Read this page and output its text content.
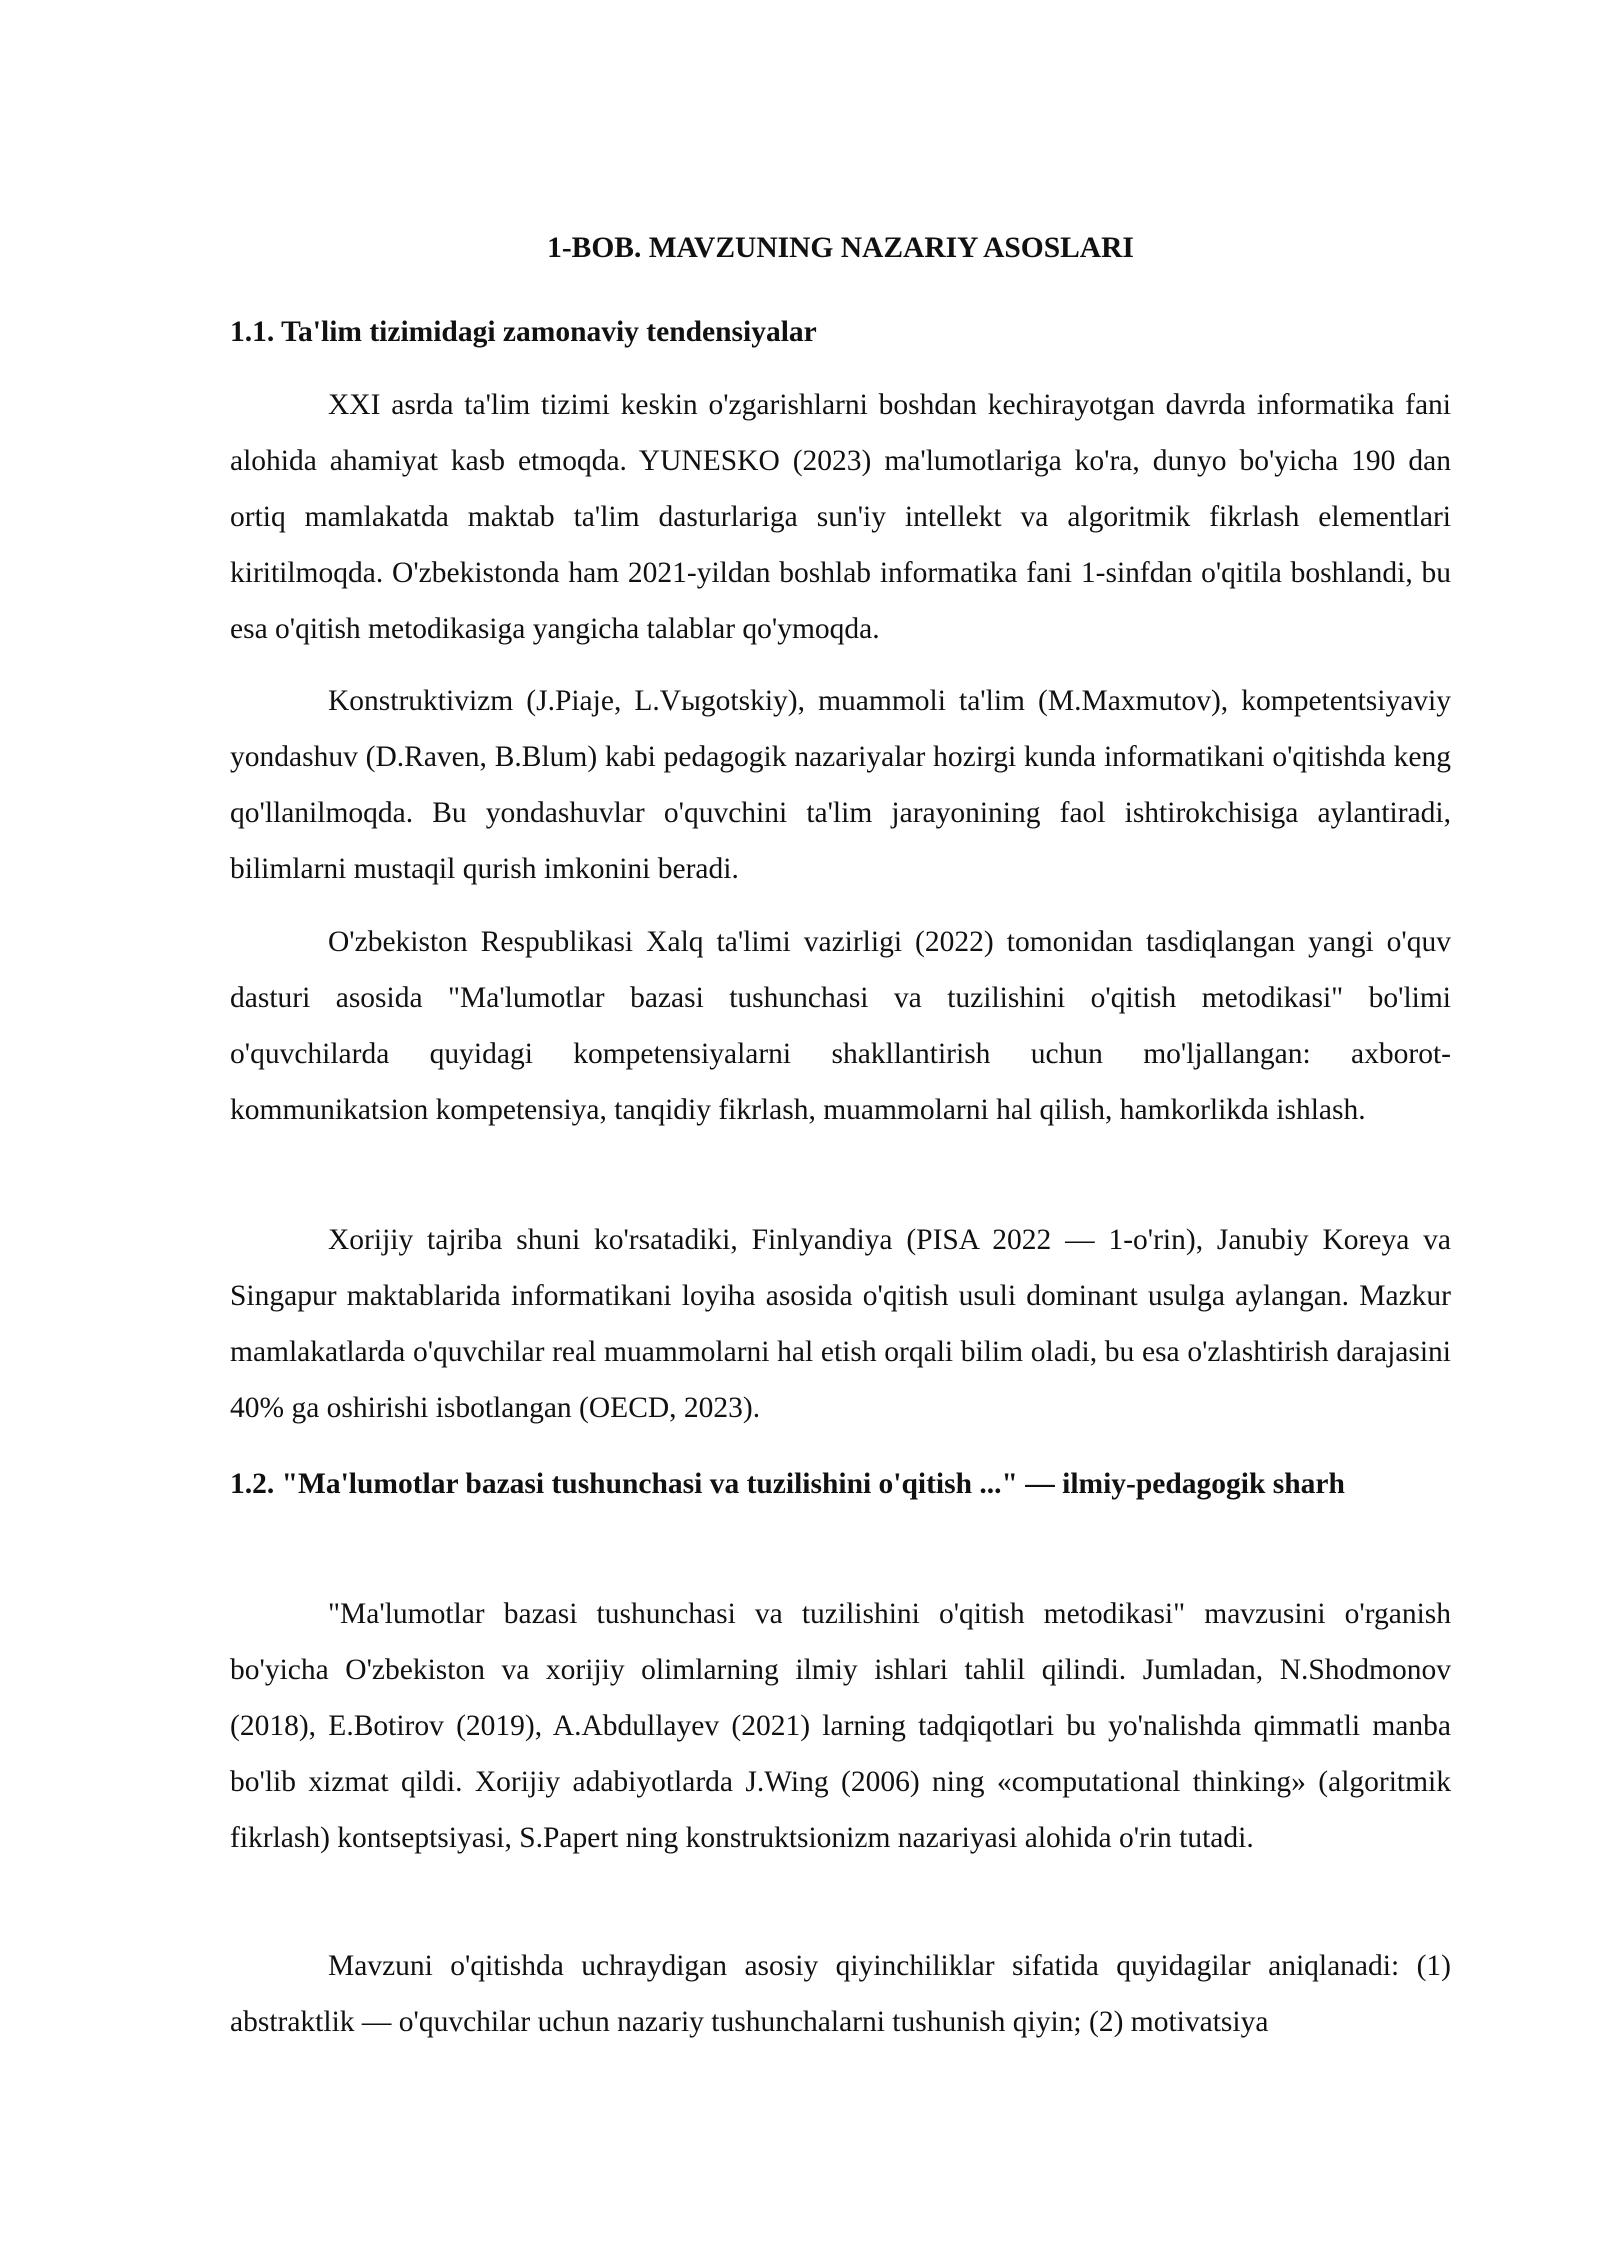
1-BOB. MAVZUNING NAZARIY ASOSLARI
1.1. Ta'lim tizimidagi zamonaviy tendensiyalar

XXI asrda ta'lim tizimi keskin o'zgarishlarni boshdan kechirayotgan davrda informatika fani alohida ahamiyat kasb etmoqda. YUNESKO (2023) ma'lumotlariga ko'ra, dunyo bo'yicha 190 dan ortiq mamlakatda maktab ta'lim dasturlariga sun'iy intellekt va algoritmik fikrlash elementlari kiritilmoqda. O'zbekistonda ham 2021-yildan boshlab informatika fani 1-sinfdan o'qitila boshlandi, bu esa o'qitish metodikasiga yangicha talablar qo'ymoqda.

Konstruktivizm (J.Piaje, L.Vыgotskiy), muammoli ta'lim (M.Maxmutov), kompetentsiyaviy yondashuv (D.Raven, B.Blum) kabi pedagogik nazariyalar hozirgi kunda informatikani o'qitishda keng qo'llanilmoqda. Bu yondashuvlar o'quvchini ta'lim jarayonining faol ishtirokchisiga aylantiradi, bilimlarni mustaqil qurish imkonini beradi.

O'zbekiston Respublikasi Xalq ta'limi vazirligi (2022) tomonidan tasdiqlangan yangi o'quv dasturi asosida "Ma'lumotlar bazasi tushunchasi va tuzilishini o'qitish metodikasi" bo'limi o'quvchilarda quyidagi kompetensiyalarni shakllantirish uchun mo'ljallangan: axborot-kommunikatsion kompetensiya, tanqidiy fikrlash, muammolarni hal qilish, hamkorlikda ishlash.

Xorijiy tajriba shuni ko'rsatadiki, Finlyandiya (PISA 2022 — 1-o'rin), Janubiy Koreya va Singapur maktablarida informatikani loyiha asosida o'qitish usuli dominant usulga aylangan. Mazkur mamlakatlarda o'quvchilar real muammolarni hal etish orqali bilim oladi, bu esa o'zlashtirish darajasini 40% ga oshirishi isbotlangan (OECD, 2023).

1.2. "Ma'lumotlar bazasi tushunchasi va tuzilishini o'qitish ..." — ilmiy-pedagogik sharh

"Ma'lumotlar bazasi tushunchasi va tuzilishini o'qitish metodikasi" mavzusini o'rganish bo'yicha O'zbekiston va xorijiy olimlarning ilmiy ishlari tahlil qilindi. Jumladan, N.Shodmonov (2018), E.Botirov (2019), A.Abdullayev (2021) larning tadqiqotlari bu yo'nalishda qimmatli manba bo'lib xizmat qildi. Xorijiy adabiyotlarda J.Wing (2006) ning «computational thinking» (algoritmik fikrlash) kontseptsiyasi, S.Papert ning konstruktsionizm nazariyasi alohida o'rin tutadi.

Mavzuni o'qitishda uchraydigan asosiy qiyinchiliklar sifatida quyidagilar aniqlanadi: (1) abstraktlik — o'quvchilar uchun nazariy tushunchalarni tushunish qiyin; (2) motivatsiya
